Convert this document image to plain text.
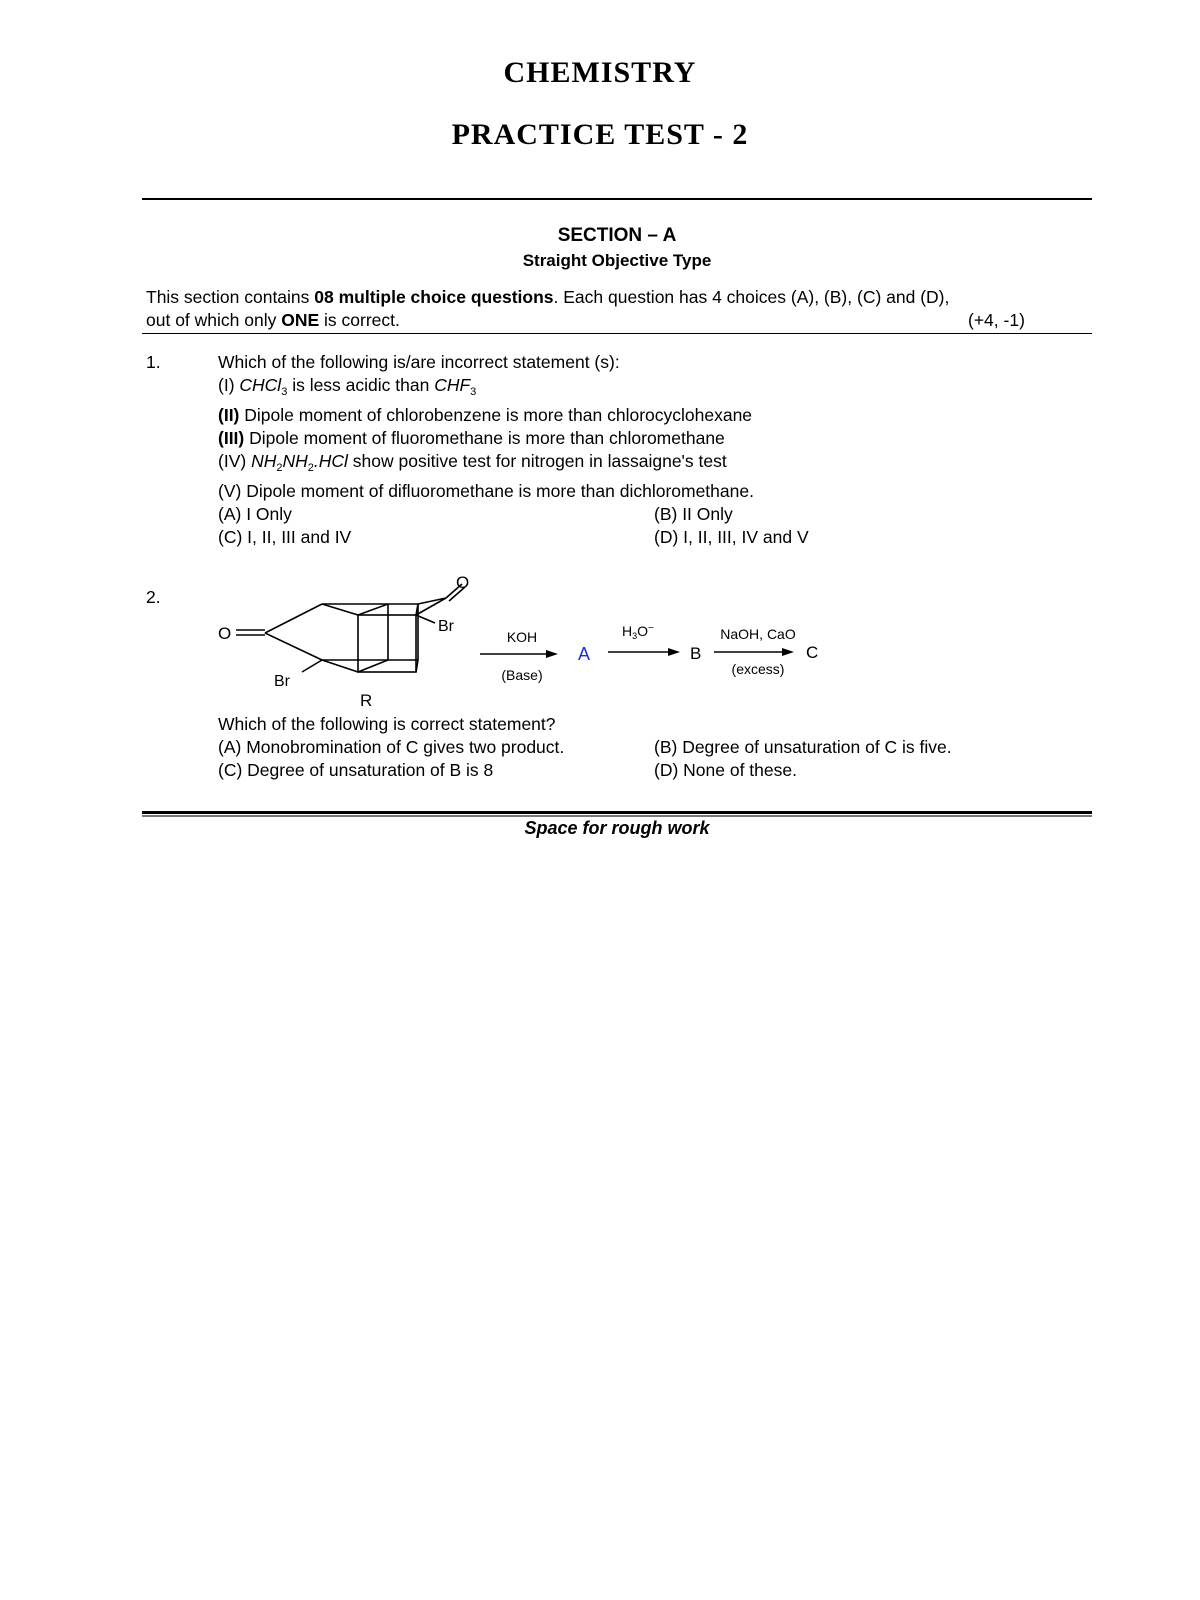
CHEMISTRY
PRACTICE TEST - 2
SECTION – A
Straight Objective Type
This section contains 08 multiple choice questions. Each question has 4 choices (A), (B), (C) and (D),
out of which only ONE is correct.	(+4, -1)
1.	Which of the following is/are incorrect statement (s):
(I) CHCl$_3$ is less acidic than $CHF_3$
(II) Dipole moment of chlorobenzene is more than chlorocyclohexane
(III) Dipole moment of fluoromethane is more than chloromethane
(IV) $NH_2NH_2.HCl$ show positive test for nitrogen in lassaigne's test
(V) Dipole moment of difluoromethane is more than dichloromethane.
(A) I Only	(B) II Only
(C) I, II, III and IV	(D) I, II, III, IV and V
2.
O
O	Br
Br
R
KOH
(Base)
A
$H_3O^-$
B
NaOH, CaO
(excess)
C
Which of the following is correct statement?
(A) Monobromination of C gives two product.	(B) Degree of unsaturation of C is five.
(C) Degree of unsaturation of B is 8	(D) None of these.
Space for rough work
